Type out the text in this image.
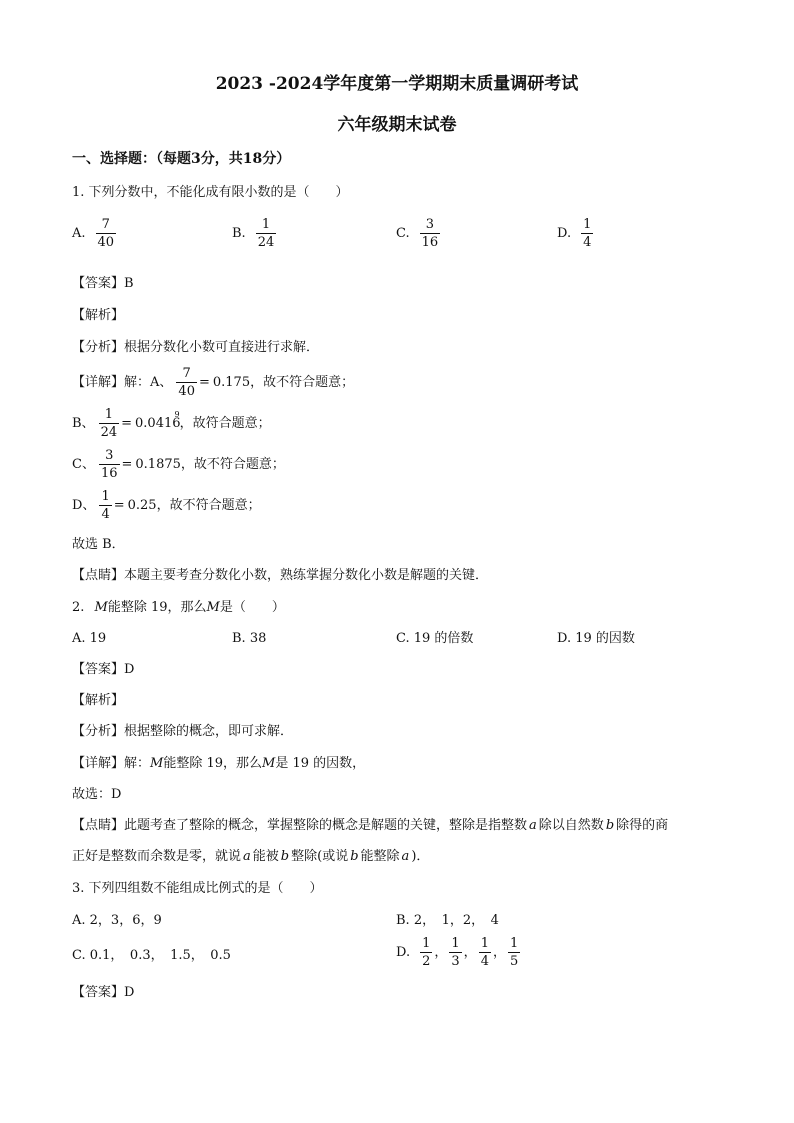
2023 -2024学年度第一学期期末质量调研考试
六年级期末试卷
一、选择题：（每题3分，共18分）
1. 下列分数中，不能化成有限小数的是（　　）
A. $\frac{7}{40}$	B. $\frac{1}{24}$	C. $\frac{3}{16}$	D. $\frac{1}{4}$
【答案】B
【解析】
【分析】根据分数化小数可直接进行求解．
【详解】 解： A、 $\frac{7}{40} = 0.175$ ，故不符合题意；
B、 $\frac{1}{24} = 0.0416$
9
，故符合题意；
C、 $\frac{3}{16} = 0.1875$ ，故不符合题意；
D、 $\frac{1}{4} = 0.25$ ，故不符合题意；
故选 B．
【点睛】本题主要考查分数化小数，熟练掌握分数化小数是解题的关键．
2. M能整除 19，那么M是（　　）
A. 19	B. 38	C. 19 的倍数	D. 19 的因数
【答案】D
【解析】
【分析】根据整除的概念，即可求解．
【详解】解：M能整除 19，那么M是 19 的因数，
故选：D
【点睛】此题考查了整除的概念，掌握整除的概念是解题的关键，整除是指整数 a 除以自然数 b 除得的商
正好是整数而余数是零，就说 a 能被 b 整除(或说 b 能整除 a )．
3. 下列四组数不能组成比例式的是（　　）
A. 2，3，6，9	B. 2，　1，2，　4
C. 0.1，　0.3，　1.5，　0.5	D. $\frac{1}{2}$ ， $\frac{1}{3}$ ， $\frac{1}{4}$ ， $\frac{1}{5}$
【答案】D
